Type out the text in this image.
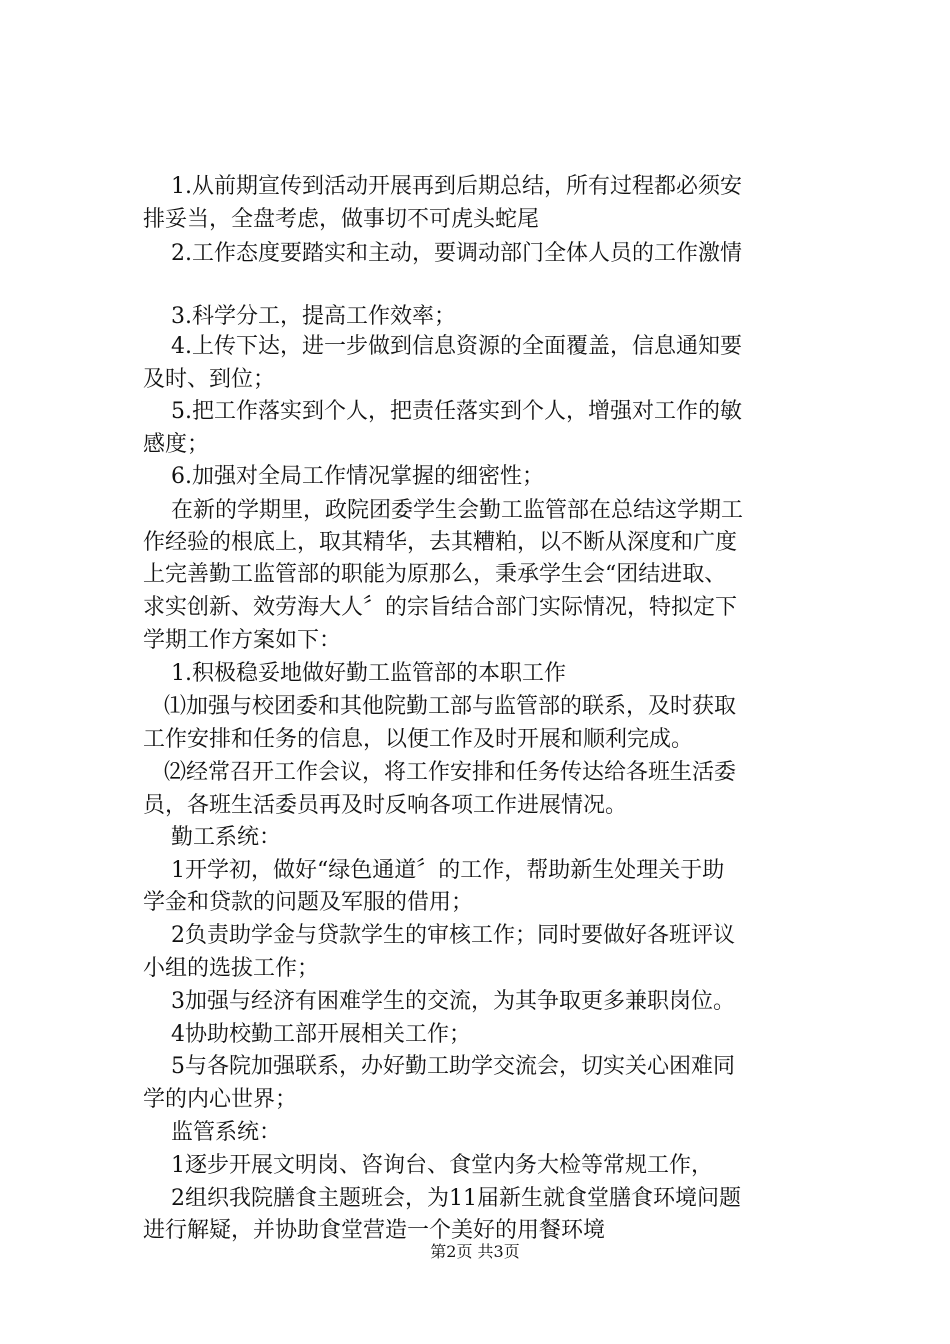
1.从前期宣传到活动开展再到后期总结，所有过程都必须安
排妥当，全盘考虑，做事切不可虎头蛇尾
2.工作态度要踏实和主动，要调动部门全体人员的工作激情
3.科学分工，提高工作效率；
4.上传下达，进一步做到信息资源的全面覆盖，信息通知要
及时、到位；
5.把工作落实到个人，把责任落实到个人，增强对工作的敏
感度；
6.加强对全局工作情况掌握的细密性；
在新的学期里，政院团委学生会勤工监管部在总结这学期工
作经验的根底上，取其精华，去其糟粕，以不断从深度和广度
上完善勤工监管部的职能为原那么，秉承学生会“团结进取、
求实创新、效劳海大人〞的宗旨结合部门实际情况，特拟定下
学期工作方案如下：
1.积极稳妥地做好勤工监管部的本职工作
⑴加强与校团委和其他院勤工部与监管部的联系，及时获取
工作安排和任务的信息，以便工作及时开展和顺利完成。
⑵经常召开工作会议，将工作安排和任务传达给各班生活委
员，各班生活委员再及时反响各项工作进展情况。
勤工系统：
1开学初，做好“绿色通道〞的工作，帮助新生处理关于助
学金和贷款的问题及军服的借用；
2负责助学金与贷款学生的审核工作；同时要做好各班评议
小组的选拔工作；
3加强与经济有困难学生的交流，为其争取更多兼职岗位。
4协助校勤工部开展相关工作；
5与各院加强联系，办好勤工助学交流会，切实关心困难同
学的内心世界；
监管系统：
1逐步开展文明岗、咨询台、食堂内务大检等常规工作，
2组织我院膳食主题班会，为11届新生就食堂膳食环境问题
进行解疑，并协助食堂营造一个美好的用餐环境
第2页 共3页
